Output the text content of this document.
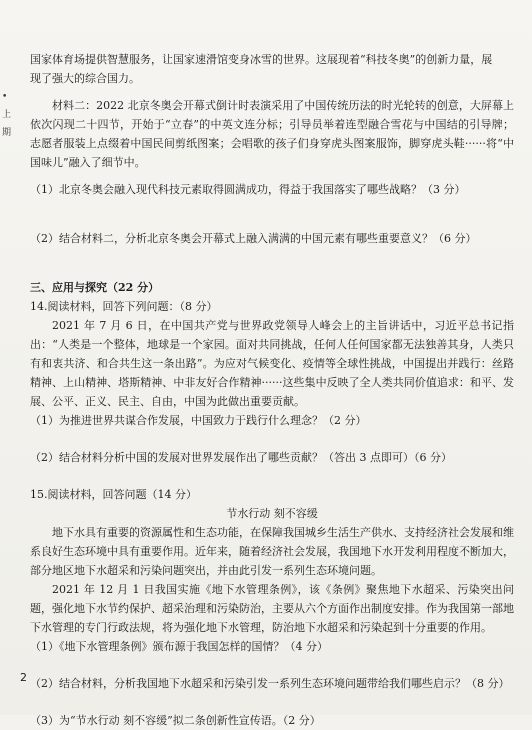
•
上
期

国家体育场提供智慧服务，让国家速滑馆变身冰雪的世界。这展现着“科技冬奥”的创新力量，展

现了强大的综合国力。

材料二：2022 北京冬奥会开幕式倒计时表演采用了中国传统历法的时光轮转的创意，大屏幕上依次闪现二十四节，开始于“立春”的中英文连分标；引导员举着连型融合雪花与中国结的引导牌；志愿者服装上点缀着中国民间剪纸图案；会唱歌的孩子们身穿虎头图案服饰，脚穿虎头鞋······将“中国味儿”融入了细节中。

（1）北京冬奥会融入现代科技元素取得圆满成功，得益于我国落实了哪些战略？（3 分）

（2）结合材料二，分析北京冬奥会开幕式上融入满满的中国元素有哪些重要意义？（6 分）

三、应用与探究（22 分）

14.阅读材料，回答下列问题：（8 分）

2021 年 7 月 6 日，在中国共产党与世界政党领导人峰会上的主旨讲话中，习近平总书记指出：“人类是一个整体，地球是一个家园。面对共同挑战，任何人任何国家都无法独善其身，人类只有和衷共济、和合共生这一条出路”。为应对气候变化、疫情等全球性挑战，中国提出并践行：丝路精神、上山精神、塔斯精神、中非友好合作精神······这些集中反映了全人类共同价值追求：和平、发展、公平、正义、民主、自由，中国为此做出重要贡献。

（1）为推进世界共谋合作发展，中国致力于践行什么理念？（2 分）

（2）结合材料分析中国的发展对世界发展作出了哪些贡献？（答出 3 点即可）（6 分）

15.阅读材料，回答问题（14 分）

节水行动 刻不容缓

地下水具有重要的资源属性和生态功能，在保障我国城乡生活生产供水、支持经济社会发展和维系良好生态环境中具有重要作用。近年来，随着经济社会发展，我国地下水开发利用程度不断加大，部分地区地下水超采和污染问题突出，并由此引发一系列生态环境问题。

2021 年 12 月 1 日我国实施《地下水管理条例》，该《条例》聚焦地下水超采、污染突出问题，强化地下水节约保护、超采治理和污染防治，主要从六个方面作出制度安排。作为我国第一部地下水管理的专门行政法规，将为强化地下水管理，防治地下水超采和污染起到十分重要的作用。

（1）《地下水管理条例》颁布源于我国怎样的国情？（4 分）

（2）结合材料，分析我国地下水超采和污染引发一系列生态环境问题带给我们哪些启示？（8 分）

（3）为“节水行动 刻不容缓”拟二条创新性宣传语。（2 分）

2
